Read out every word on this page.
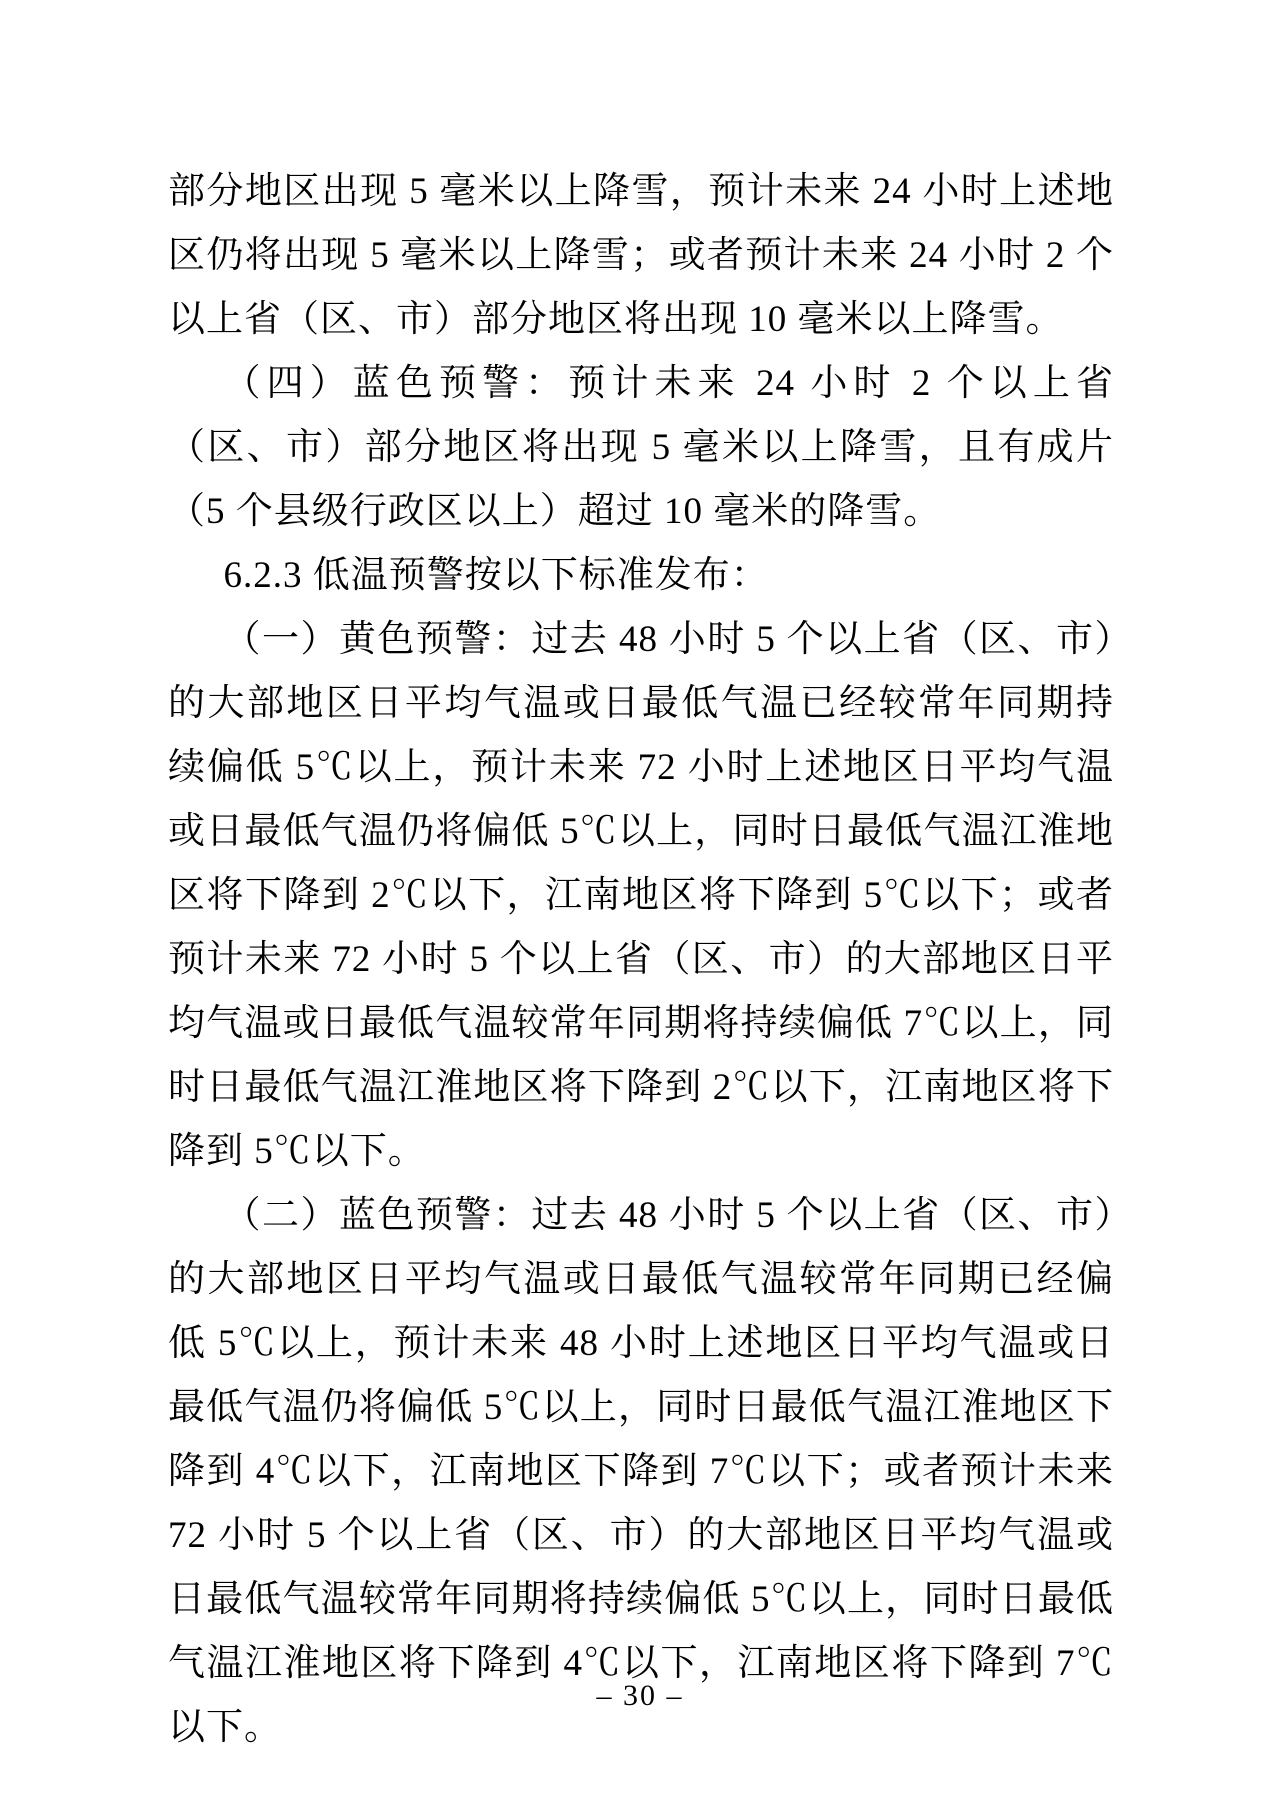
部分地区出现 5 毫米以上降雪，预计未来 24 小时上述地区仍将出现 5 毫米以上降雪；或者预计未来 24 小时 2 个以上省（区、市）部分地区将出现 10 毫米以上降雪。

（四）蓝色预警：预计未来 24 小时 2 个以上省（区、市）部分地区将出现 5 毫米以上降雪，且有成片（5 个县级行政区以上）超过 10 毫米的降雪。

6.2.3 低温预警按以下标准发布：

（一）黄色预警：过去 48 小时 5 个以上省（区、市）的大部地区日平均气温或日最低气温已经较常年同期持续偏低 5℃以上，预计未来 72 小时上述地区日平均气温或日最低气温仍将偏低 5℃以上，同时日最低气温江淮地区将下降到 2℃以下，江南地区将下降到 5℃以下；或者预计未来 72 小时 5 个以上省（区、市）的大部地区日平均气温或日最低气温较常年同期将持续偏低 7℃以上，同时日最低气温江淮地区将下降到 2℃以下，江南地区将下降到 5℃以下。

（二）蓝色预警：过去 48 小时 5 个以上省（区、市）的大部地区日平均气温或日最低气温较常年同期已经偏低 5℃以上，预计未来 48 小时上述地区日平均气温或日最低气温仍将偏低 5℃以上，同时日最低气温江淮地区下降到 4℃以下，江南地区下降到 7℃以下；或者预计未来 72 小时 5 个以上省（区、市）的大部地区日平均气温或日最低气温较常年同期将持续偏低 5℃以上，同时日最低气温江淮地区将下降到 4℃以下，江南地区将下降到 7℃以下。

– 30 –
